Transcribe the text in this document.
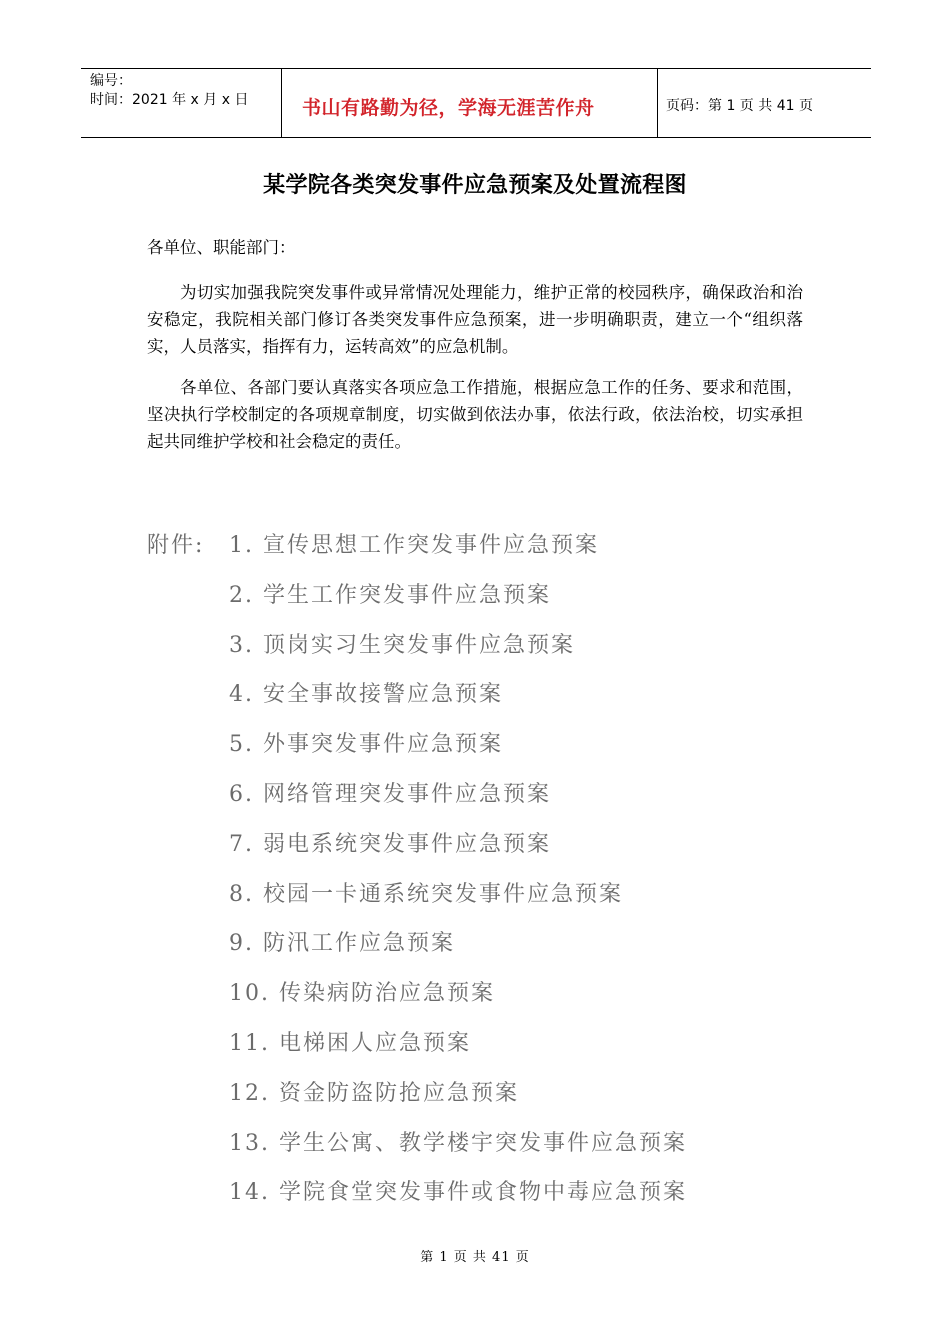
编号：
时间：2021 年 x 月 x 日	书山有路勤为径，学海无涯苦作舟	页码：第 1 页 共 41 页
某学院各类突发事件应急预案及处置流程图
各单位、职能部门：
为切实加强我院突发事件或异常情况处理能力，维护正常的校园秩序，确保政治和治安稳定，我院相关部门修订各类突发事件应急预案，进一步明确职责，建立一个“组织落实，人员落实，指挥有力，运转高效”的应急机制。
各单位、各部门要认真落实各项应急工作措施，根据应急工作的任务、要求和范围，坚决执行学校制定的各项规章制度，切实做到依法办事，依法行政，依法治校，切实承担起共同维护学校和社会稳定的责任。
附件: 1. 宣传思想工作突发事件应急预案
2. 学生工作突发事件应急预案
3. 顶岗实习生突发事件应急预案
4. 安全事故接警应急预案
5. 外事突发事件应急预案
6. 网络管理突发事件应急预案
7. 弱电系统突发事件应急预案
8. 校园一卡通系统突发事件应急预案
9. 防汛工作应急预案
10. 传染病防治应急预案
11. 电梯困人应急预案
12. 资金防盗防抢应急预案
13. 学生公寓、教学楼宇突发事件应急预案
14. 学院食堂突发事件或食物中毒应急预案
第 1 页 共 41 页
